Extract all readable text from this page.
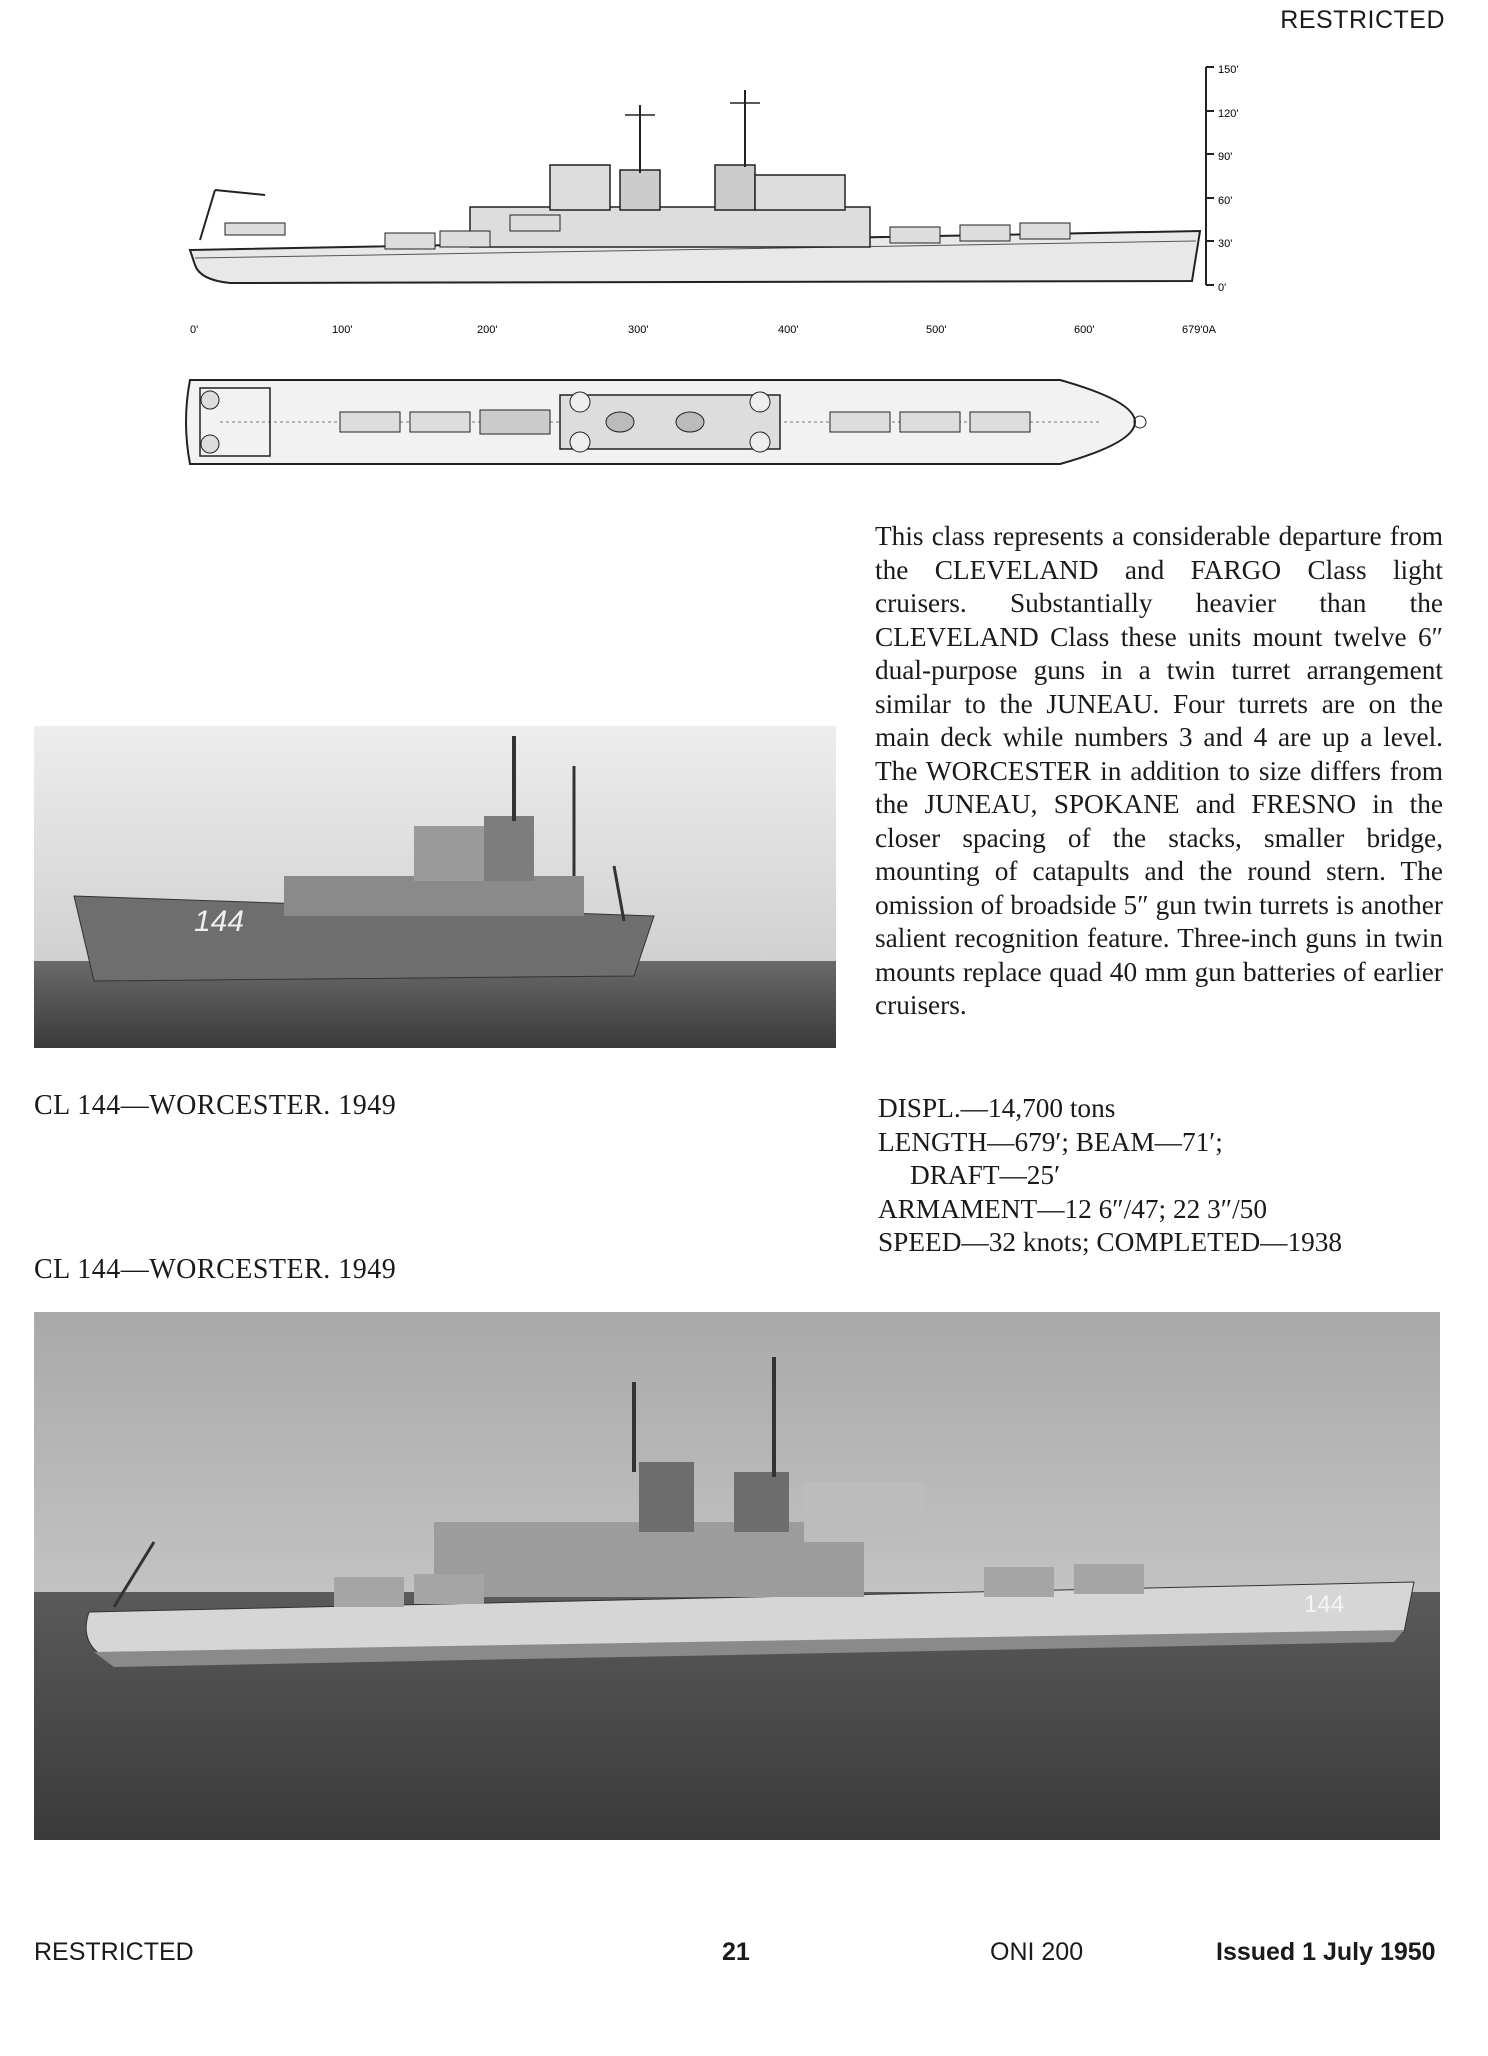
RESTRICTED
150'
120'
90'
60'
30'
0'
0'	100'	200'	300'	400'	500'	600'	679'0A
144
CL 144—WORCESTER. 1949

This class represents a considerable departure from the CLEVELAND and FARGO Class light cruisers. Substantially heavier than the CLEVELAND Class these units mount twelve 6″ dual-purpose guns in a twin turret arrangement similar to the JUNEAU. Four turrets are on the main deck while numbers 3 and 4 are up a level. The WORCESTER in addition to size differs from the JUNEAU, SPOKANE and FRESNO in the closer spacing of the stacks, smaller bridge, mounting of catapults and the round stern. The omission of broadside 5″ gun twin turrets is another salient recognition feature. Three-inch guns in twin mounts replace quad 40 mm gun batteries of earlier cruisers.

DISPL.—14,700 tons
LENGTH—679′; BEAM—71′;
DRAFT—25′
ARMAMENT—12 6″/47; 22 3″/50
SPEED—32 knots; COMPLETED—1938
CL 144—WORCESTER. 1949
144
RESTRICTED	21	ONI 200	Issued 1 July 1950
